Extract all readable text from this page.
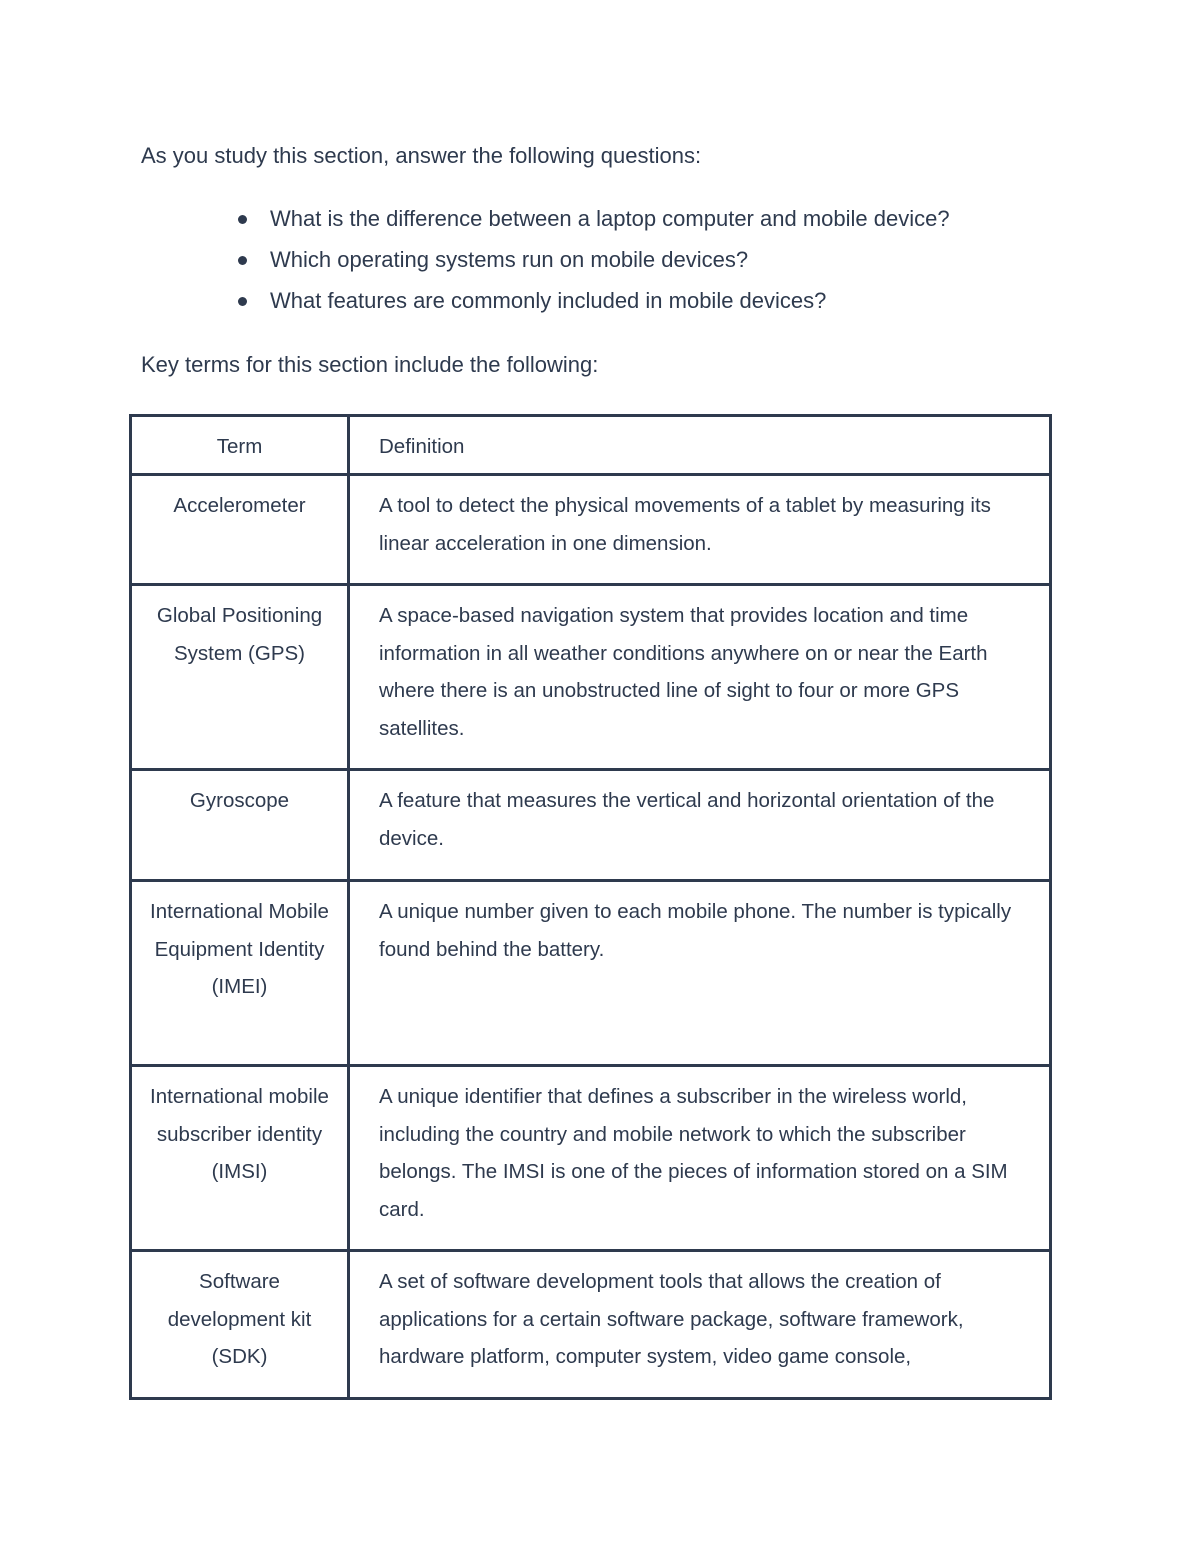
As you study this section, answer the following questions:

What is the difference between a laptop computer and mobile device?
Which operating systems run on mobile devices?
What features are commonly included in mobile devices?

Key terms for this section include the following:

Term	Definition
Accelerometer	A tool to detect the physical movements of a tablet by measuring its linear acceleration in one dimension.
Global Positioning System (GPS)	A space-based navigation system that provides location and time information in all weather conditions anywhere on or near the Earth where there is an unobstructed line of sight to four or more GPS satellites.
Gyroscope	A feature that measures the vertical and horizontal orientation of the device.
International Mobile Equipment Identity (IMEI)	A unique number given to each mobile phone. The number is typically found behind the battery.
International mobile subscriber identity (IMSI)	A unique identifier that defines a subscriber in the wireless world, including the country and mobile network to which the subscriber belongs. The IMSI is one of the pieces of information stored on a SIM card.
Software development kit (SDK)	A set of software development tools that allows the creation of applications for a certain software package, software framework, hardware platform, computer system, video game console,
